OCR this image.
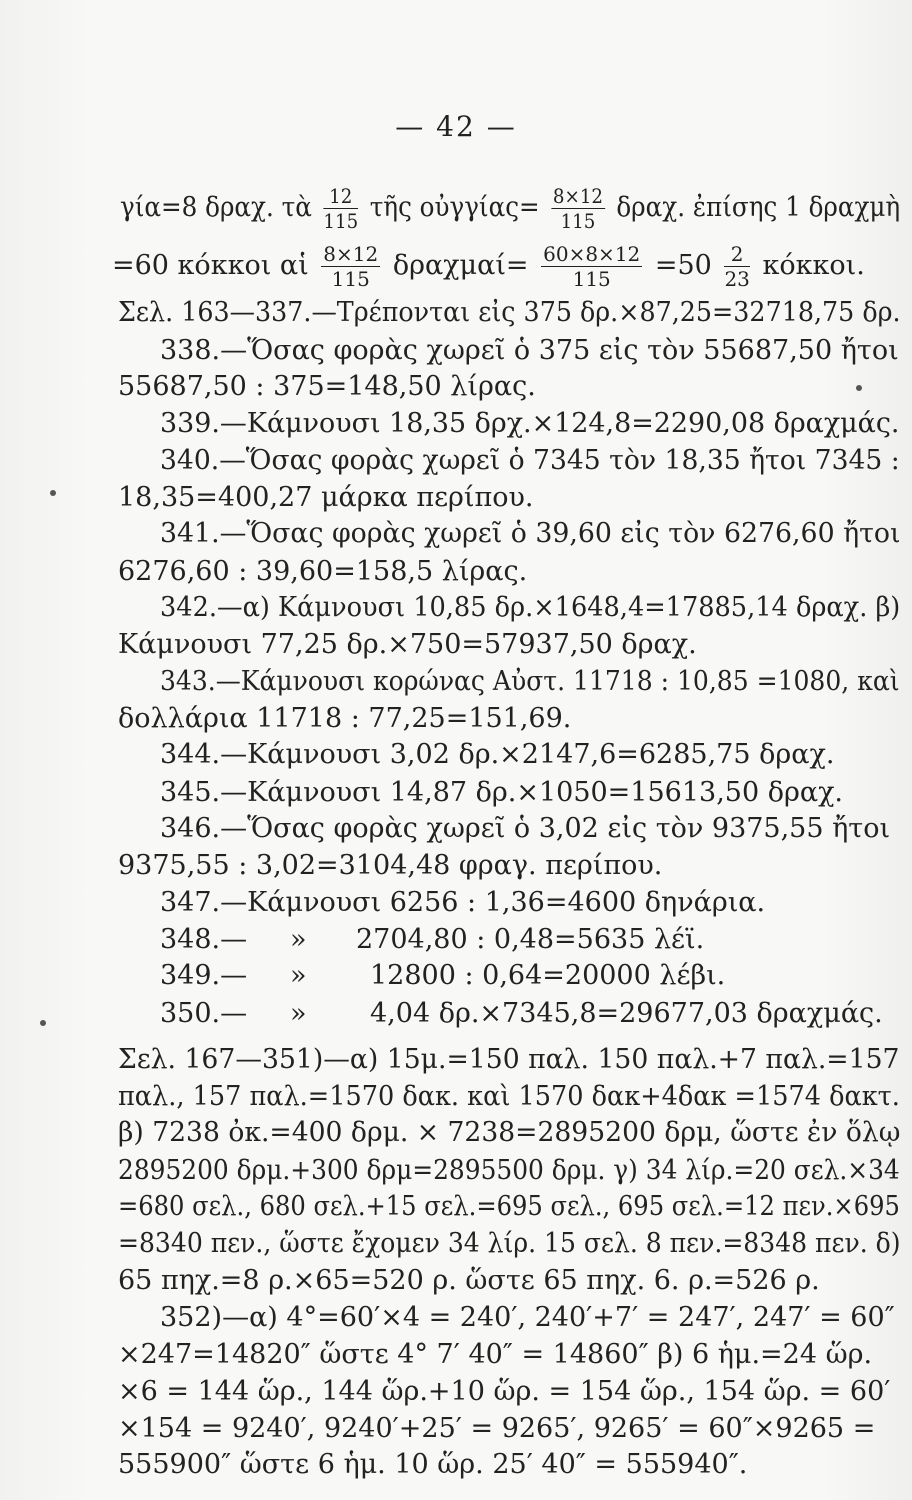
— 42 —
γία=8 δραχ. τὰ $\frac{12}{115}$ τῆς οὐγγίας= $\frac{8\times 12}{115} \delta\rho\alpha\chi$. ἐπίσης 1 δραχμὴ
=60 κόκκοι αἱ $\frac{8\times 12}{115} \delta\rho\alpha\chi\mu\alpha ί= \frac{60\times 8\times 12}{115} =50 \frac{2}{23} \kappa ό\kappa\kappa o\iota$.
Σελ. 163—337.—Τρέπονται εἰς 375 δρ.×87,25=32718,75 δρ.
338.—Ὅσας φορὰς χωρεῖ ὁ 375 εἰς τὸν 55687,50 ἤτοι
55687,50 : 375=148,50 λίρας.
339.—Κάμνουσι 18,35 δρχ.×124,8=2290,08 δραχμάς.
340.—Ὅσας φορὰς χωρεῖ ὁ 7345 τὸν 18,35 ἤτοι 7345 :
18,35=400,27 μάρκα περίπου.
341.—Ὅσας φορὰς χωρεῖ ὁ 39,60 εἰς τὸν 6276,60 ἤτοι
6276,60 : 39,60=158,5 λίρας.
342.—α) Κάμνουσι 10,85 δρ.×1648,4=17885,14 δραχ. β)
Κάμνουσι 77,25 δρ.×750=57937,50 δραχ.
343.—Κάμνουσι κορώνας Αὐστ. 11718 : 10,85 =1080, καὶ
δολλάρια 11718 : 77,25=151,69.
344.—Κάμνουσι 3,02 δρ.×2147,6=6285,75 δραχ.
345.—Κάμνουσι 14,87 δρ.×1050=15613,50 δραχ.
346.—Ὅσας φορὰς χωρεῖ ὁ 3,02 εἰς τὸν 9375,55 ἤτοι
9375,55 : 3,02=3104,48 φραγ. περίπου.
347.—Κάμνουσι 6256 : 1,36=4600 δηνάρια.
348.— » 2704,80 : 0,48=5635 λέϊ.
349.— » 12800 : 0,64=20000 λέβι.
350.— » 4,04 δρ.×7345,8=29677,03 δραχμάς.
Σελ. 167—351)—α) 15μ.=150 παλ. 150 παλ.+7 παλ.=157
παλ., 157 παλ.=1570 δακ. καὶ 1570 δακ+4δακ =1574 δακτ.
β) 7238 ὀκ.=400 δρμ. × 7238=2895200 δρμ, ὥστε ἐν ὅλῳ
2895200 δρμ.+300 δρμ=2895500 δρμ. γ) 34 λίρ.=20 σελ.×34
=680 σελ., 680 σελ.+15 σελ.=695 σελ., 695 σελ.=12 πεν.×695
=8340 πεν., ὥστε ἔχομεν 34 λίρ. 15 σελ. 8 πεν.=8348 πεν. δ)
65 πηχ.=8 ρ.×65=520 ρ. ὥστε 65 πηχ. 6. ρ.=526 ρ.
352)—α) 4°=60′×4 = 240′, 240′+7′ = 247′, 247′ = 60″
×247=14820″ ὥστε 4° 7′ 40″ = 14860″ β) 6 ἡμ.=24 ὥρ.
×6 = 144 ὥρ., 144 ὥρ.+10 ὥρ. = 154 ὥρ., 154 ὥρ. = 60′
×154 = 9240′, 9240′+25′ = 9265′, 9265′ = 60″×9265 =
555900″ ὥστε 6 ἡμ. 10 ὥρ. 25′ 40″ = 555940″.
